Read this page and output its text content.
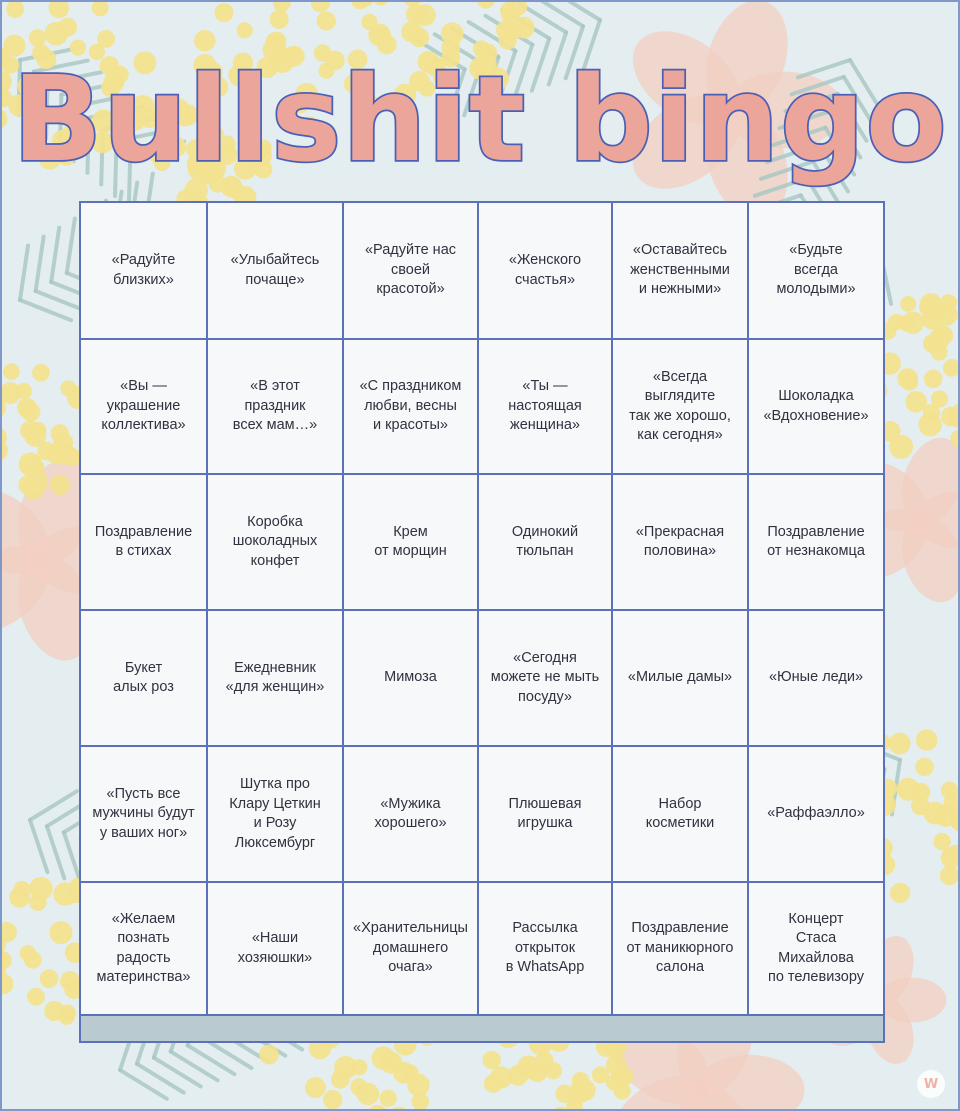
Bullshit bingo
«Радуйте
близких»
«Улыбайтесь
почаще»
«Радуйте нас
своей
красотой»
«Женского
счастья»
«Оставайтесь
женственными
и нежными»
«Будьте
всегда
молодыми»
«Вы —
украшение
коллектива»
«В этот
праздник
всех мам…»
«С праздником
любви, весны
и красоты»
«Ты —
настоящая
женщина»
«Всегда
выглядите
так же хорошо,
как сегодня»
Шоколадка
«Вдохновение»
Поздравление
в стихах
Коробка
шоколадных
конфет
Крем
от морщин
Одинокий
тюльпан
«Прекрасная
половина»
Поздравление
от незнакомца
Букет
алых роз
Ежедневник
«для женщин»
Мимоза
«Сегодня
можете не мыть
посуду»
«Милые дамы»	«Юные леди»
«Пусть все
мужчины будут
у ваших ног»
Шутка про
Клару Цеткин
и Розу
Люксембург
«Мужика
хорошего»
Плюшевая
игрушка
Набор
косметики
«Раффаэлло»
«Желаем
познать
радость
материнства»
«Наши
хозяюшки»
«Хранительницы
домашнего
очага»
Рассылка
открыток
в WhatsApp
Поздравление
от маникюрного
салона
Концерт
Стаса
Михайлова
по телевизору
W
